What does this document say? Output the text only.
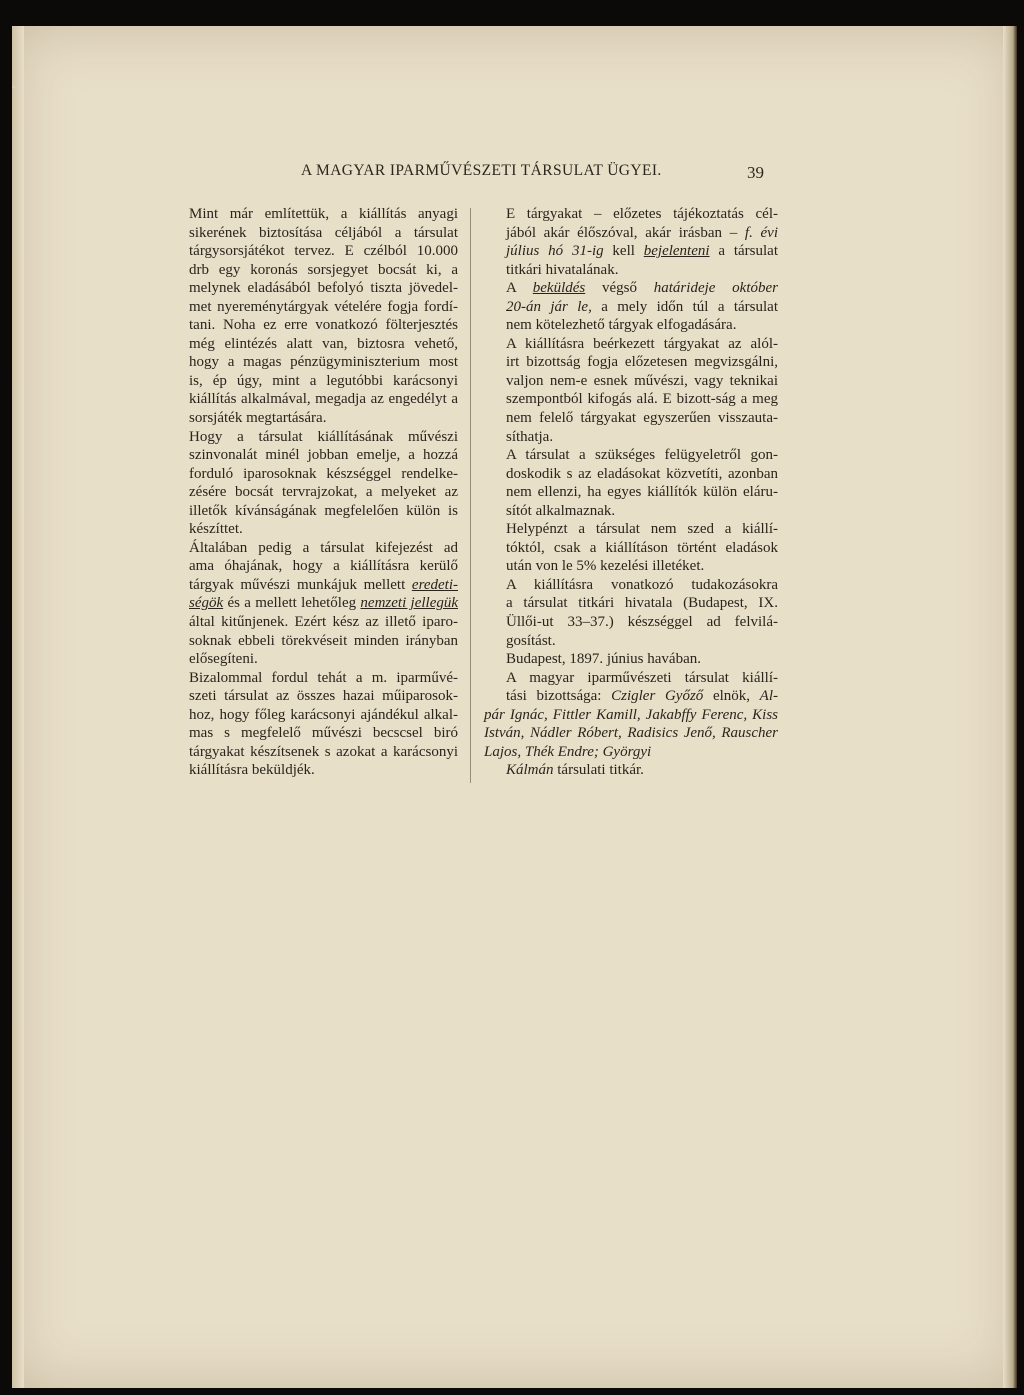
A MAGYAR IPARMŰVÉSZETI TÁRSULAT ÜGYEI.	39

Mint már említettük, a kiállítás anyagi
sikerének biztosítása céljából a társulat
tárgysorsjátékot tervez. E czélból 10.000
drb egy koronás sorsjegyet bocsát ki, a
melynek eladásából befolyó tiszta jövedel-
met nyereménytárgyak vételére fogja fordí-
tani. Noha ez erre vonatkozó fölterjesztés
még elintézés alatt van, biztosra vehető,
hogy a magas pénzügyminiszterium most
is, ép úgy, mint a legutóbbi karácsonyi
kiállítás alkalmával, megadja az engedélyt a
sorsjáték megtartására.

Hogy a társulat kiállításának művészi
szinvonalát minél jobban emelje, a hozzá
forduló iparosoknak készséggel rendelke-
zésére bocsát tervrajzokat, a melyeket az
illetők kívánságának megfelelően külön is
készíttet.

Általában pedig a társulat kifejezést ad
ama óhajának, hogy a kiállításra kerülő
tárgyak művészi munkájuk mellett eredeti-
ségök és a mellett lehetőleg nemzeti jellegük
által kitűnjenek. Ezért kész az illető iparo-
soknak ebbeli törekvéseit minden irányban
elősegíteni.

Bizalommal fordul tehát a m. iparművé-
szeti társulat az összes hazai műiparosok-
hoz, hogy főleg karácsonyi ajándékul alkal-
mas s megfelelő művészi becscsel biró
tárgyakat készítsenek s azokat a karácsonyi
kiállításra beküldjék.

E tárgyakat – előzetes tájékoztatás cél-
jából akár élőszóval, akár irásban – f. évi
július hó 31-ig kell bejelenteni a társulat
titkári hivatalának.

A beküldés végső határideje október
20-án jár le, a mely időn túl a társulat
nem kötelezhető tárgyak elfogadására.

A kiállításra beérkezett tárgyakat az alól-
irt bizottság fogja előzetesen megvizsgálni,
valjon nem-e esnek művészi, vagy teknikai
szempontból kifogás alá. E bizott-ság a meg
nem felelő tárgyakat egyszerűen visszauta-
síthatja.

A társulat a szükséges felügyeletről gon-
doskodik s az eladásokat közvetíti, azonban
nem ellenzi, ha egyes kiállítók külön eláru-
sítót alkalmaznak.

Helypénzt a társulat nem szed a kiállí-
tóktól, csak a kiállításon történt eladások
után von le 5% kezelési illetéket.

A kiállításra vonatkozó tudakozásokra
a társulat titkári hivatala (Budapest, IX.
Üllői-ut 33–37.) készséggel ad felvilá-
gosítást.

Budapest, 1897. június havában.

A magyar iparművészeti társulat kiállí-
tási bizottsága: Czigler Győző elnök, Al-
pár Ignác, Fittler Kamill, Jakabffy Ferenc, Kiss István, Nádler Róbert, Radisics Jenő, Rauscher Lajos, Thék Endre; Györgyi
Kálmán társulati titkár.
